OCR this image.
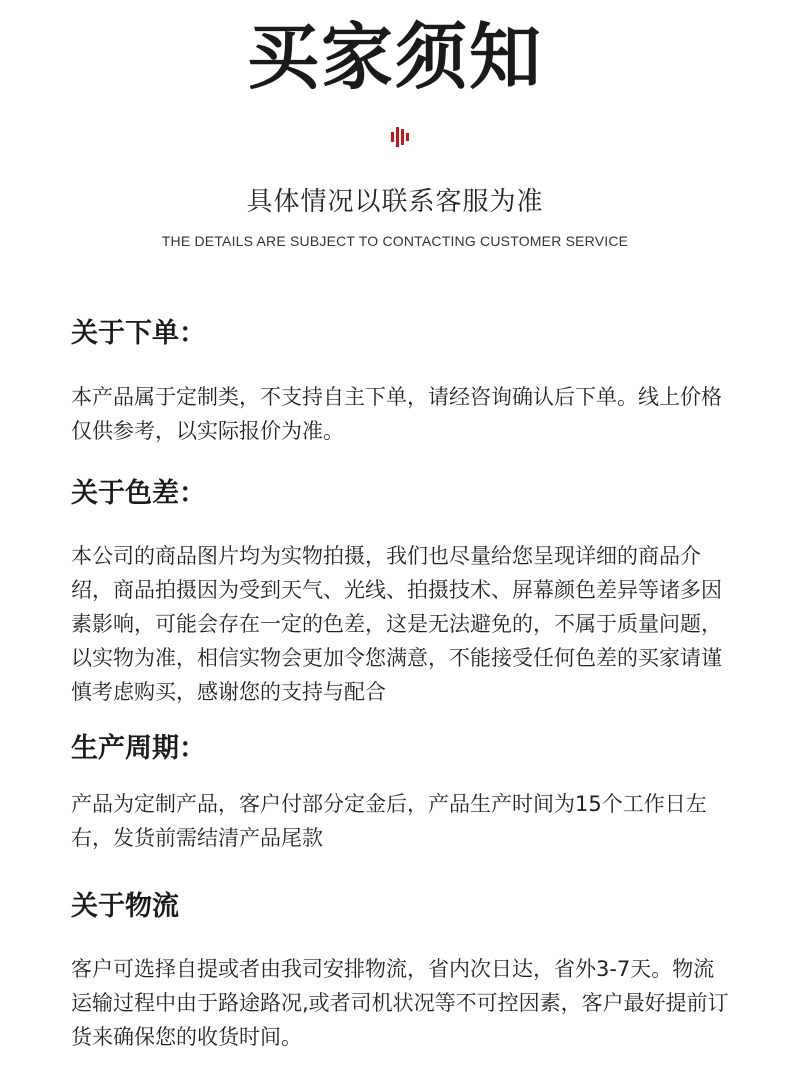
买家须知
具体情况以联系客服为准
THE DETAILS ARE SUBJECT TO CONTACTING CUSTOMER SERVICE
关于下单：

本产品属于定制类，不支持自主下单，请经咨询确认后下单。线上价格仅供参考，以实际报价为准。

关于色差：

本公司的商品图片均为实物拍摄，我们也尽量给您呈现详细的商品介绍，商品拍摄因为受到天气、光线、拍摄技术、屏幕颜色差异等诸多因素影响，可能会存在一定的色差，这是无法避免的，不属于质量问题，以实物为准，相信实物会更加令您满意，不能接受任何色差的买家请谨慎考虑购买，感谢您的支持与配合

生产周期：

产品为定制产品，客户付部分定金后，产品生产时间为15个工作日左右，发货前需结清产品尾款

关于物流

客户可选择自提或者由我司安排物流，省内次日达，省外3-7天。物流运输过程中由于路途路况,或者司机状况等不可控因素，客户最好提前订货来确保您的收货时间。
